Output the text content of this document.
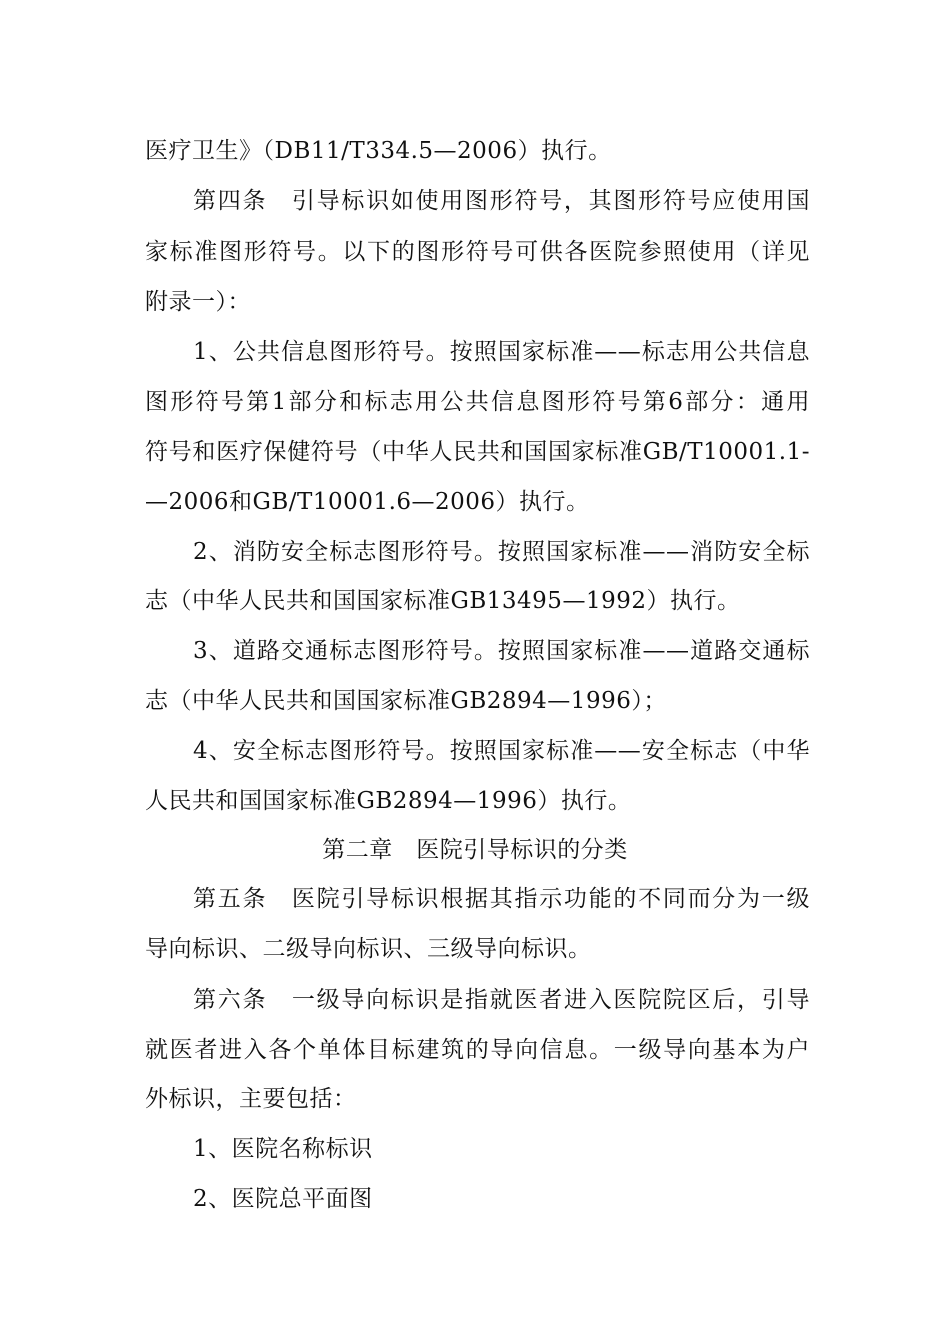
医疗卫生》（DB11/T334.5—2006）执行。
第四条　引导标识如使用图形符号，其图形符号应使用国
家标准图形符号。以下的图形符号可供各医院参照使用（详见
附录一）：
1、公共信息图形符号。按照国家标准——标志用公共信息
图形符号第1部分和标志用公共信息图形符号第6部分：通用
符号和医疗保健符号（中华人民共和国国家标准GB/T10001.1-
—2006和GB/T10001.6—2006）执行。
2、消防安全标志图形符号。按照国家标准——消防安全标
志（中华人民共和国国家标准GB13495—1992）执行。
3、道路交通标志图形符号。按照国家标准——道路交通标
志（中华人民共和国国家标准GB2894—1996）；
4、安全标志图形符号。按照国家标准——安全标志（中华
人民共和国国家标准GB2894—1996）执行。
第二章　医院引导标识的分类
第五条　医院引导标识根据其指示功能的不同而分为一级
导向标识、二级导向标识、三级导向标识。
第六条　一级导向标识是指就医者进入医院院区后，引导
就医者进入各个单体目标建筑的导向信息。一级导向基本为户
外标识，主要包括：
1、医院名称标识
2、医院总平面图
